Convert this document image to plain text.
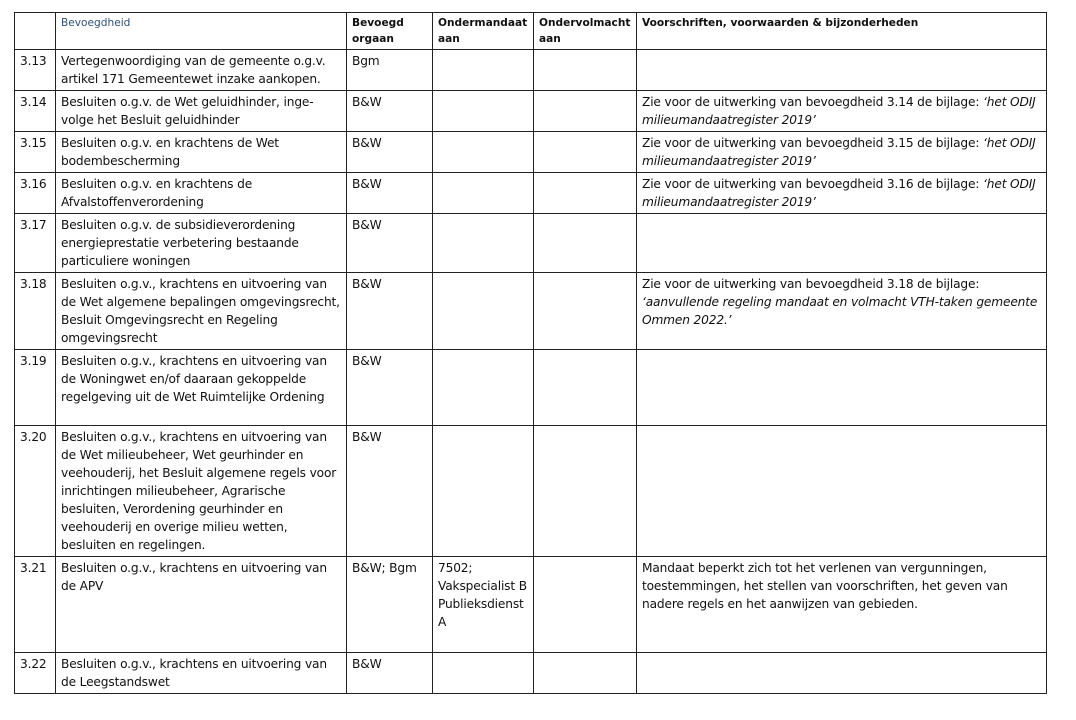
	Bevoegdheid	Bevoegd orgaan	Ondermandaat aan	Ondervolmacht aan	Voorschriften, voorwaarden & bijzonderheden
3.13	Vertegenwoordiging van de gemeente o.g.v. artikel 171 Gemeentewet inzake aankopen.	Bgm			
3.14	Besluiten o.g.v. de Wet geluidhinder, inge-volge het Besluit geluidhinder	B&W			Zie voor de uitwerking van bevoegdheid 3.14 de bijlage: ‘het ODIJ milieumandaatregister 2019’
3.15	Besluiten o.g.v. en krachtens de Wet bodembescherming	B&W			Zie voor de uitwerking van bevoegdheid 3.15 de bijlage: ‘het ODIJ milieumandaatregister 2019’
3.16	Besluiten o.g.v. en krachtens de Afvalstoffenverordening	B&W			Zie voor de uitwerking van bevoegdheid 3.16 de bijlage: ‘het ODIJ milieumandaatregister 2019’
3.17	Besluiten o.g.v. de subsidieverordening energieprestatie verbetering bestaande particuliere woningen	B&W			
3.18	Besluiten o.g.v., krachtens en uitvoering van de Wet algemene bepalingen omgevingsrecht, Besluit Omgevingsrecht en Regeling omgevingsrecht	B&W			Zie voor de uitwerking van bevoegdheid 3.18 de bijlage: ‘aanvullende regeling mandaat en volmacht VTH-taken gemeente Ommen 2022.’
3.19	Besluiten o.g.v., krachtens en uitvoering van de Woningwet en/of daaraan gekoppelde regelgeving uit de Wet Ruimtelijke Ordening	B&W			
3.20	Besluiten o.g.v., krachtens en uitvoering van de Wet milieubeheer, Wet geurhinder en veehouderij, het Besluit algemene regels voor inrichtingen milieubeheer, Agrarische besluiten, Verordening geurhinder en veehouderij en overige milieu wetten, besluiten en regelingen.	B&W			
3.21	Besluiten o.g.v., krachtens en uitvoering van de APV	B&W; Bgm	7502; Vakspecialist B Publieksdienst A		Mandaat beperkt zich tot het verlenen van vergunningen, toestemmingen, het stellen van voorschriften, het geven van nadere regels en het aanwijzen van gebieden.
3.22	Besluiten o.g.v., krachtens en uitvoering van de Leegstandswet	B&W			
